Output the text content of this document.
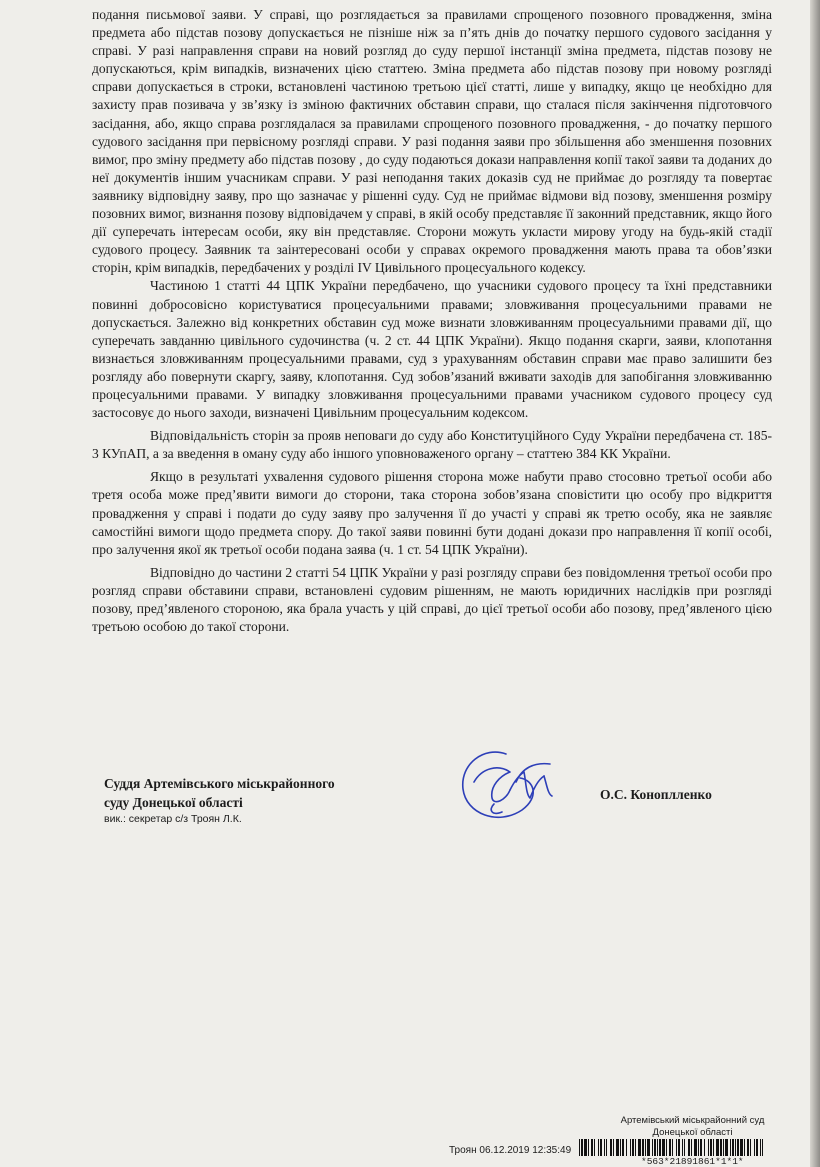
подання письмової заяви. У справі, що розглядається за правилами спрощеного позовного провадження, зміна предмета або підстав позову допускається не пізніше ніж за п’ять днів до початку першого судового засідання у справі. У разі направлення справи на новий розгляд до суду першої інстанції зміна предмета, підстав позову не допускаються, крім випадків, визначених цією статтею. Зміна предмета або підстав позову при новому розгляді справи допускається в строки, встановлені частиною третьою цієї статті, лише у випадку, якщо це необхідно для захисту прав позивача у зв’язку із зміною фактичних обставин справи, що сталася після закінчення підготовчого засідання, або, якщо справа розглядалася за правилами спрощеного позовного провадження, - до початку першого судового засідання при первісному розгляді справи. У разі подання заяви про збільшення або зменшення позовних вимог, про зміну предмету або підстав позову , до суду подаються докази направлення копії такої заяви та доданих до неї документів іншим учасникам справи. У разі неподання таких доказів суд не приймає до розгляду та повертає заявнику відповідну заяву, про що зазначає у рішенні суду. Суд не приймає відмови від позову, зменшення розміру позовних вимог, визнання позову відповідачем у справі, в якій особу представляє її законний представник, якщо його дії суперечать інтересам особи, яку він представляє. Сторони можуть укласти мирову угоду на будь-якій стадії судового процесу. Заявник та заінтересовані особи у справах окремого провадження мають права та обов’язки сторін, крім випадків, передбачених у розділі IV Цивільного процесуального кодексу.

Частиною 1 статті 44 ЦПК України передбачено, що учасники судового процесу та їхні представники повинні добросовісно користуватися процесуальними правами; зловживання процесуальними правами не допускається. Залежно від конкретних обставин суд може визнати зловживанням процесуальними правами дії, що суперечать завданню цивільного судочинства (ч. 2 ст. 44 ЦПК України). Якщо подання скарги, заяви, клопотання визнається зловживанням процесуальними правами, суд з урахуванням обставин справи має право залишити без розгляду або повернути скаргу, заяву, клопотання. Суд зобов’язаний вживати заходів для запобігання зловживанню процесуальними правами. У випадку зловживання процесуальними правами учасником судового процесу суд застосовує до нього заходи, визначені Цивільним процесуальним кодексом.

Відповідальність сторін за прояв неповаги до суду або Конституційного Суду України передбачена ст. 185-3 КУпАП, а за введення в оману суду або іншого уповноваженого органу – статтею 384 КК України.

Якщо в результаті ухвалення судового рішення сторона може набути право стосовно третьої особи або третя особа може пред’явити вимоги до сторони, така сторона зобов’язана сповістити цю особу про відкриття провадження у справі і подати до суду заяву про залучення її до участі у справі як третю особу, яка не заявляє самостійні вимоги щодо предмета спору. До такої заяви повинні бути додані докази про направлення її копії особі, про залучення якої як третьої особи подана заява (ч. 1 ст. 54 ЦПК України).

Відповідно до частини 2 статті 54 ЦПК України у разі розгляду справи без повідомлення третьої особи про розгляд справи обставини справи, встановлені судовим рішенням, не мають юридичних наслідків при розгляді позову, пред’явленого стороною, яка брала участь у цій справі, до цієї третьої особи або позову, пред’явленого цією третьою особою до такої сторони.

Суддя Артемівського міськрайонного
суду Донецької області
вик.: секретар с/з Троян Л.К.
О.С. Коноплленко
Артемівський міськрайонний суд
Донецької області
Троян 06.12.2019 12:35:49
*563*21891861*1*1*
